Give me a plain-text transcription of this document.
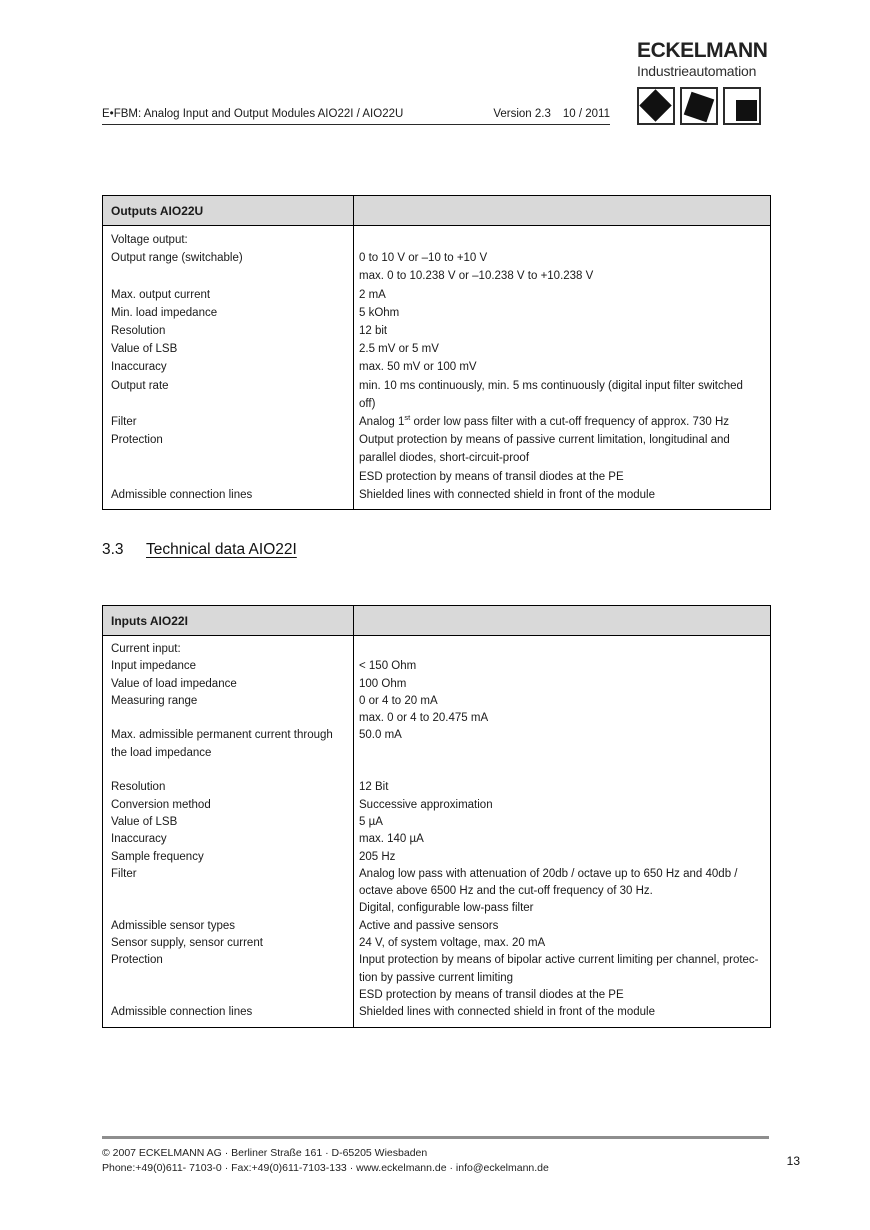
E•FBM: Analog Input and Output Modules AIO22I / AIO22U	Version 2.3 10 / 2011
ECKELMANN
Industrieautomation
Outputs AIO22U
Voltage output:
Output range (switchable)	0 to 10 V or –10 to +10 V
max. 0 to 10.238 V or –10.238 V to +10.238 V
Max. output current	2 mA
Min. load impedance	5 kOhm
Resolution	12 bit
Value of LSB	2.5 mV or 5 mV
Inaccuracy	max. 50 mV or 100 mV
Output rate	min. 10 ms continuously, min. 5 ms continuously (digital input filter switched
off)
Filter	Analog 1st order low pass filter with a cut-off frequency of approx. 730 Hz
Protection	Output protection by means of passive current limitation, longitudinal and
parallel diodes, short-circuit-proof
ESD protection by means of transil diodes at the PE
Admissible connection lines	Shielded lines with connected shield in front of the module
3.3	Technical data AIO22I
Inputs AIO22I
Current input:
Input impedance	< 150 Ohm
Value of load impedance	100 Ohm
Measuring range	0 or 4 to 20 mA
max. 0 or 4 to 20.475 mA
Max. admissible permanent current through	50.0 mA
the load impedance
Resolution	12 Bit
Conversion method	Successive approximation
Value of LSB	5 µA
Inaccuracy	max. 140 µA
Sample frequency	205 Hz
Filter	Analog low pass with attenuation of 20db / octave up to 650 Hz and 40db /
octave above 6500 Hz and the cut-off frequency of 30 Hz.
Digital, configurable low-pass filter
Admissible sensor types	Active and passive sensors
Sensor supply, sensor current	24 V, of system voltage, max. 20 mA
Protection	Input protection by means of bipolar active current limiting per channel, protec-
tion by passive current limiting
ESD protection by means of transil diodes at the PE
Admissible connection lines	Shielded lines with connected shield in front of the module
© 2007 ECKELMANN AG · Berliner Straße 161 · D-65205 Wiesbaden
Phone:+49(0)611- 7103-0 · Fax:+49(0)611-7103-133 · www.eckelmann.de · info@eckelmann.de	13
